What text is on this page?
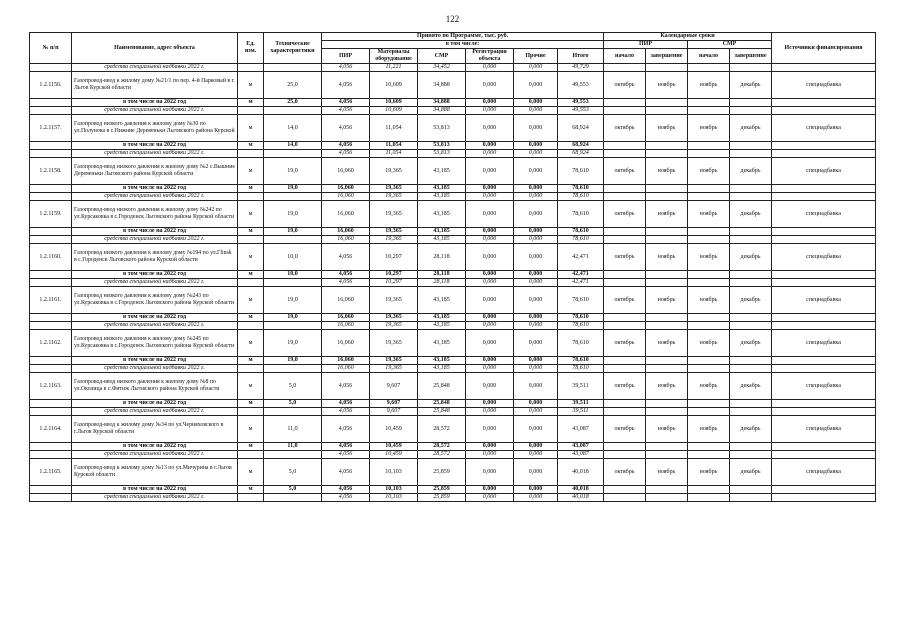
122
№ п/п	Наименование, адрес объекта	Ед. изм.	Технические характеристики	Принято по Программе, тыс. руб.						Календарные сроки				Источники финансирования
				в том числе:						ПИР		СМР		
				ПИР	Материалы оборудование	СМР	Регистрация объекта	Прочие	Итого	начало	завершение	начало	завершение	
	средства специальной надбавки 2022 г.			4,056	11,221	34,452	0,000	0,000	49,729					
1.2.1156.	Газопровод-ввод к жилому дому №21/1 по пер. 4-й Парковый в г. Льгов Курской области	м	25,0	4,056	10,609	34,888	0,000	0,000	49,553	октябрь	ноябрь	ноябрь	декабрь	спецнадбавка
	в том числе на 2022 год	м	25,0	4,056	10,609	34,888	0,000	0,000	49,553					
	средства специальной надбавки 2022 г.			4,056	10,609	34,888	0,000	0,000	49,553					
1.2.1157.	Газопровод низкого давления к жилому дому №30 по ул.Полунова в с.Нижние Деревеньки Льговского района Курской	м	14,0	4,056	11,054	53,813	0,000	0,000	68,924	октябрь	ноябрь	ноябрь	декабрь	спецнадбавка
	в том числе на 2022 год	м	14,0	4,056	11,054	53,813	0,000	0,000	68,924					
	средства специальной надбавки 2022 г.			4,056	11,054	53,813	0,000	0,000	68,924					
1.2.1158.	Газопровод-ввод низкого давления к жилому дому №2 с.Вышние Деревеньки Льговского района Курской области	м	19,0	16,060	19,365	43,185	0,000	0,000	78,610	октябрь	ноябрь	ноябрь	декабрь	спецнадбавка
	в том числе на 2022 год	м	19,0	16,060	19,365	43,185	0,000	0,000	78,610					
	средства специальной надбавки 2022 г.			16,060	19,365	43,185	0,000	0,000	78,610					
1.2.1159.	Газопровод-ввод низкого давления к жилому дому №242 по ул.Курсаковка в с.Городенск Льговского района Курской области	м	19,0	16,060	19,365	43,185	0,000	0,000	78,610	октябрь	ноябрь	ноябрь	декабрь	спецнадбавка
	в том числе на 2022 год	м	19,0	16,060	19,365	43,185	0,000	0,000	78,610					
	средства специальной надбавки 2022 г.			16,060	19,365	43,185	0,000	0,000	78,610					
1.2.1160.	Газопровод низкого давления к жилому дому №194 по ул.Гlinsk в с.Городенск Льговского района Курской области	м	10,0	4,056	10,297	28,118	0,000	0,000	42,471	октябрь	ноябрь	ноябрь	декабрь	спецнадбавка
	в том числе на 2022 год	м	10,0	4,056	10,297	28,118	0,000	0,000	42,471					
	средства специальной надбавки 2022 г.			4,056	10,297	28,118	0,000	0,000	42,471					
1.2.1161.	Газопровод низкого давления к жилому дому №243 по ул.Курсаковка в с.Городенск Льговского района Курской области	м	19,0	16,060	19,365	43,185	0,000	0,000	78,610	октябрь	ноябрь	ноябрь	декабрь	спецнадбавка
	в том числе на 2022 год	м	19,0	16,060	19,365	43,185	0,000	0,000	78,610					
	средства специальной надбавки 2022 г.			16,060	19,365	43,185	0,000	0,000	78,610					
1.2.1162.	Газопровод низкого давления к жилому дому №245 по ул.Курсаковка в с.Городенск Льговского района Курской области	м	19,0	16,060	19,365	43,185	0,000	0,000	78,610	октябрь	ноябрь	ноябрь	декабрь	спецнадбавка
	в том числе на 2022 год	м	19,0	16,060	19,365	43,185	0,000	0,000	78,610					
	средства специальной надбавки 2022 г.			16,060	19,365	43,185	0,000	0,000	78,610					
1.2.1163.	Газопровод-ввод низкого давления к жилому дому №8 по ул.Околица в с.Фитиж Льговского района Курской области	м	5,0	4,056	9,607	25,848	0,000	0,000	39,511	октябрь	ноябрь	ноябрь	декабрь	спецнадбавка
	в том числе на 2022 год	м	5,0	4,056	9,607	25,848	0,000	0,000	39,511					
	средства специальной надбавки 2022 г.			4,056	9,607	25,848	0,000	0,000	39,511					
1.2.1164.	Газопровод-ввод к жилому дому №34 по ул.Черняховского в г.Льгов Курской области	м	11,0	4,056	10,459	28,572	0,000	0,000	43,087	октябрь	ноябрь	ноябрь	декабрь	спецнадбавка
	в том числе на 2022 год	м	11,0	4,056	10,459	28,572	0,000	0,000	43,087					
	средства специальной надбавки 2022 г.			4,056	10,459	28,572	0,000	0,000	43,087					
1.2.1165.	Газопровод-ввод к жилому дому №13 по ул.Мичурина в г.Льгов Курской области	м	5,0	4,056	10,103	25,859	0,000	0,000	40,018	октябрь	ноябрь	ноябрь	декабрь	спецнадбавка
	в том числе на 2022 год	м	5,0	4,056	10,103	25,859	0,000	0,000	40,018					
	средства специальной надбавки 2022 г.			4,056	10,103	25,859	0,000	0,000	40,018					
